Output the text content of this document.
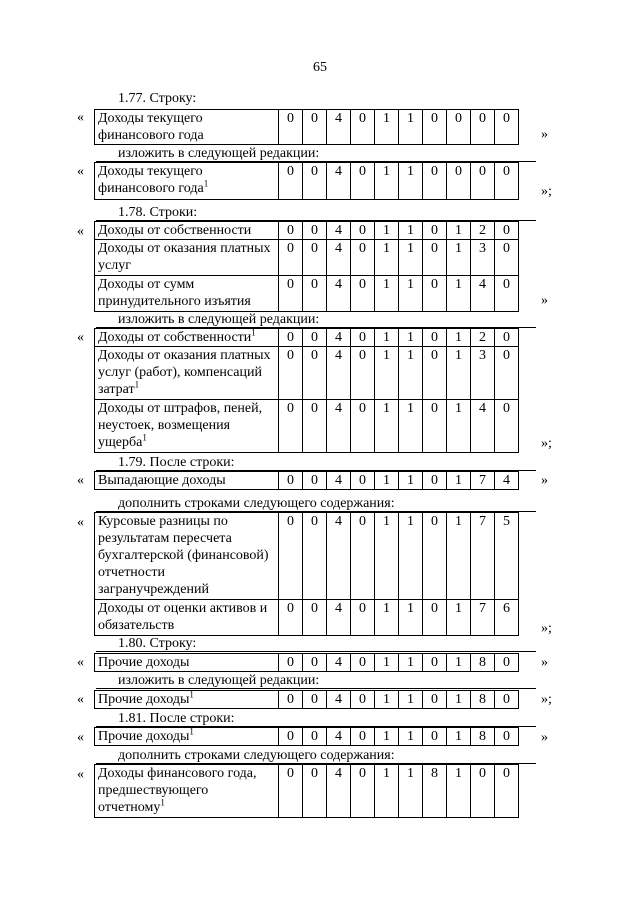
65
1.77. Строку:
« Доходы текущего финансового года	0	0	4	0	1	1	0	0	0	0
»
изложить в следующей редакции:
« Доходы текущего финансового года$^1$	0	0	4	0	1	1	0	0	0	0
»;
1.78. Строки:
« Доходы от собственности	0	0	4	0	1	1	0	1	2	0
Доходы от оказания платных услуг	0	0	4	0	1	1	0	1	3	0
Доходы от сумм принудительного изъятия	0	0	4	0	1	1	0	1	4	0
»
изложить в следующей редакции:
« Доходы от собственности$^1$	0	0	4	0	1	1	0	1	2	0
Доходы от оказания платных услуг (работ), компенсаций затрат$^1$	0	0	4	0	1	1	0	1	3	0
Доходы от штрафов, пеней, неустоек, возмещения ущерба$^1$	0	0	4	0	1	1	0	1	4	0
»;
1.79. После строки:
« Выпадающие доходы	0	0	4	0	1	1	0	1	7	4 »
дополнить строками следующего содержания:
« Курсовые разницы по результатам пересчета бухгалтерской (финансовой) отчетности загранучреждений	0	0	4	0	1	1	0	1	7	5
Доходы от оценки активов и обязательств	0	0	4	0	1	1	0	1	7	6
»;
1.80. Строку:
« Прочие доходы	0	0	4	0	1	1	0	1	8	0 »
изложить в следующей редакции:
« Прочие доходы$^1$	0	0	4	0	1	1	0	1	8	0 »;
1.81. После строки:
« Прочие доходы$^1$	0	0	4	0	1	1	0	1	8	0 »
дополнить строками следующего содержания:
« Доходы финансового года, предшествующего отчетному$^1$	0	0	4	0	1	1	8	1	0	0
